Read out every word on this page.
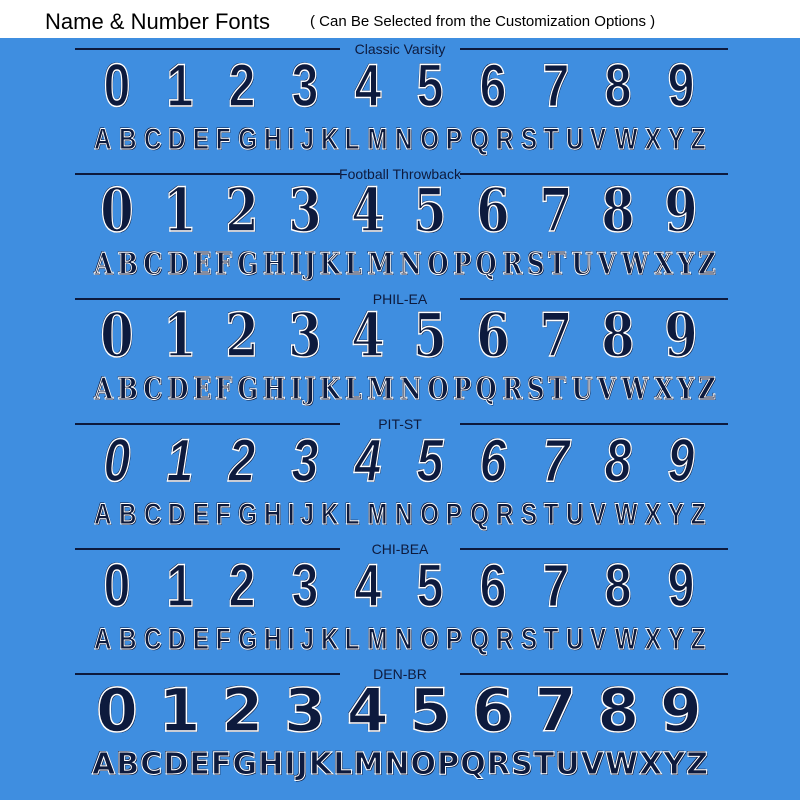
Name & Number Fonts	( Can Be Selected from the Customization Options )
Classic Varsity
0 1 2 3 4 5 6 7 8 9
A B C D E F G H I J K L M N O P Q R S T U V W X Y Z
Football Throwback
0 1 2 3 4 5 6 7 8 9
A B C D E F G H I J K L M N O P Q R S T U V W X Y Z
PHIL-EA
0 1 2 3 4 5 6 7 8 9
A B C D E F G H I J K L M N O P Q R S T U V W X Y Z
PIT-ST
0 1 2 3 4 5 6 7 8 9
A B C D E F G H I J K L M N O P Q R S T U V W X Y Z
CHI-BEA
0 1 2 3 4 5 6 7 8 9
A B C D E F G H I J K L M N O P Q R S T U V W X Y Z
DEN-BR
0 1 2 3 4 5 6 7 8 9
A B C D E F G H I J K L M N O P Q R S T U V W X Y Z
